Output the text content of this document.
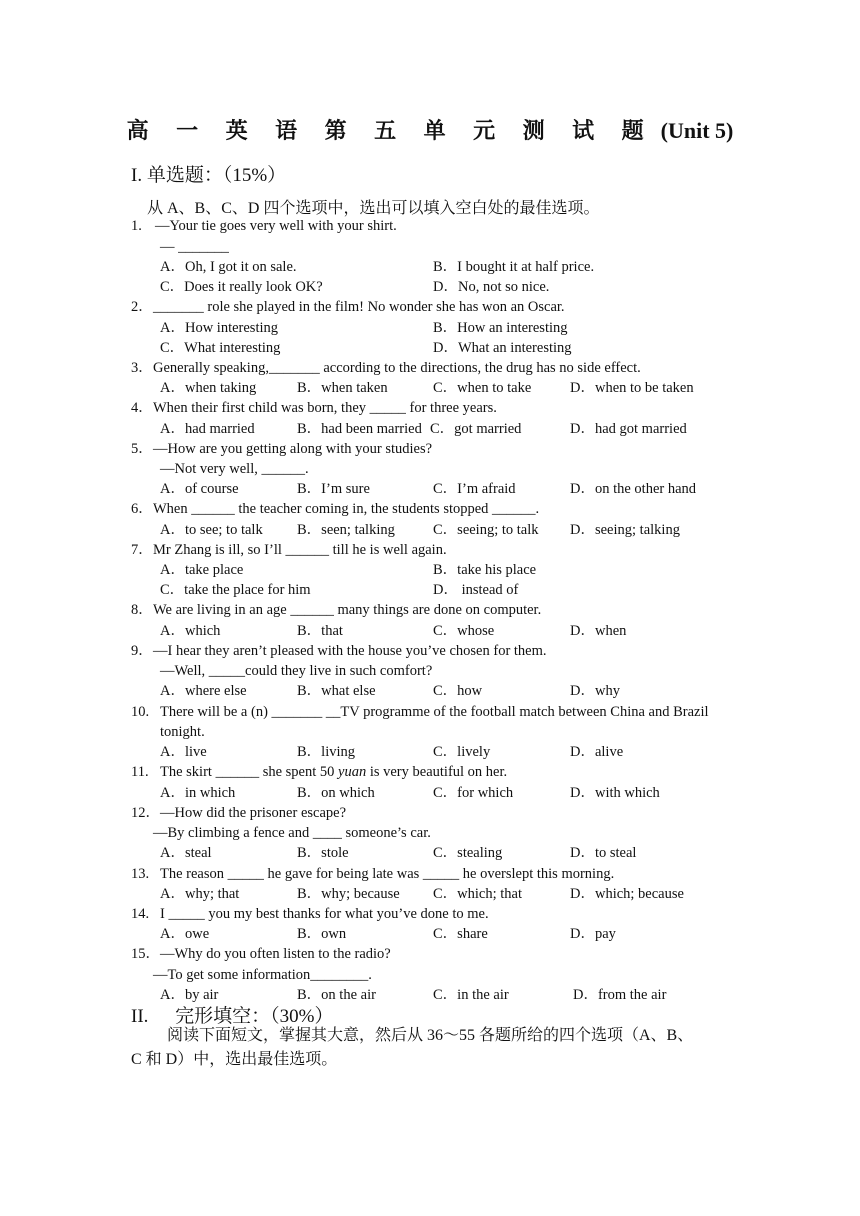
高 一 英 语 第 五 单 元 测 试 题 (Unit 5)
I. 单选题：（15%）
从 A、B、C、D 四个选项中，选出可以填入空白处的最佳选项。
1. —Your tie goes very well with your shirt.
— _______
A．Oh, I got it on sale.	B．I bought it at half price.
C．Does it really look OK?	D．No, not so nice.
2． _______ role she played in the film! No wonder she has won an Oscar.
A．How interesting	B．How an interesting
C．What interesting	D．What an interesting
3． Generally speaking,_______ according to the directions, the drug has no side effect.
A．when taking	B．when taken	C．when to take	D．when to be taken
4． When their first child was born, they _____ for three years.
A．had married	B．had been married C．got married	D．had got married
5． —How are you getting along with your studies?
—Not very well, ______.
A．of course	B．I’m sure	C．I’m afraid	D．on the other hand
6． When ______ the teacher coming in, the students stopped ______.
A．to see; to talk B．seen; talking	C．seeing; to talk D．seeing; talking
7． Mr Zhang is ill, so I’ll ______ till he is well again.
A．take place	B．take his place
C．take the place for him	D． instead of
8． We are living in an age ______ many things are done on computer.
A．which	B．that	C．whose	D．when
9． —I hear they aren’t pleased with the house you’ve chosen for them.
—Well, _____could they live in such comfort?
A．where else	B．what else	C．how	D．why
10. There will be a (n) _______ __TV programme of the football match between China and Brazil
tonight.
A．live	B．living	C．lively	D．alive
11. The skirt ______ she spent 50 yuan is very beautiful on her.
A．in which	B．on which	C．for which	D．with which
12． —How did the prisoner escape?
—By climbing a fence and ____ someone’s car.
A．steal	B．stole	C．stealing	D．to steal
13. The reason _____ he gave for being late was _____ he overslept this morning.
A．why; that	B．why; because C．which; that	D．which; because
14. I _____ you my best thanks for what you’ve done to me.
A．owe	B．own	C．share	D．pay
15． —Why do you often listen to the radio?
—To get some information________.
A．by air	B．on the air	C．in the air	D．from the air
II. 完形填空：（30%）
阅读下面短文，掌握其大意，然后从 36～55 各题所给的四个选项（A、B、
C 和 D）中，选出最佳选项。
